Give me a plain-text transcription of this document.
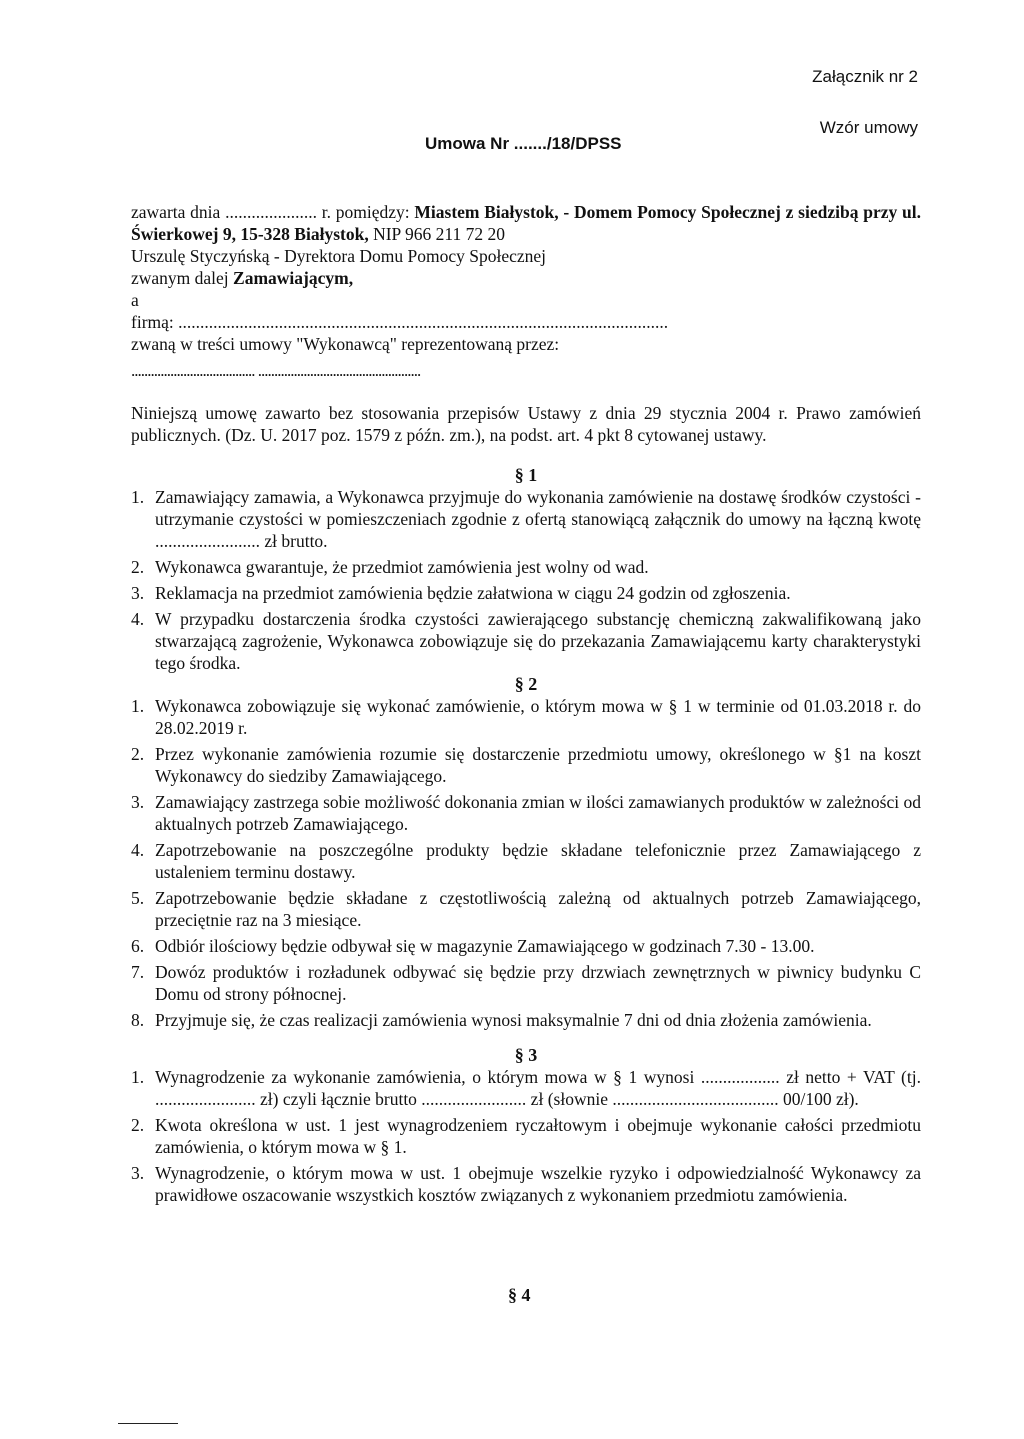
Załącznik nr 2
Wzór umowy
Umowa Nr ......./18/DPSS
zawarta dnia ..................... r. pomiędzy: Miastem Białystok, - Domem Pomocy Społecznej z siedzibą przy ul. Świerkowej 9, 15-328 Białystok, NIP 966 211 72 20
Urszulę Styczyńską - Dyrektora Domu Pomocy Społecznej
zwanym dalej Zamawiającym,
a
firmą: ................................................................................................................
zwaną w treści umowy "Wykonawcą" reprezentowaną przez:
...................................... ..................................................
Niniejszą umowę zawarto bez stosowania przepisów Ustawy z dnia 29 stycznia 2004 r. Prawo zamówień publicznych. (Dz. U. 2017 poz. 1579 z późn. zm.), na podst. art. 4 pkt 8 cytowanej ustawy.

§ 1

1. Zamawiający zamawia, a Wykonawca przyjmuje do wykonania zamówienie na dostawę środków czystości - utrzymanie czystości w pomieszczeniach zgodnie z ofertą stanowiącą załącznik do umowy na łączną kwotę ........................ zł brutto.
2. Wykonawca gwarantuje, że przedmiot zamówienia jest wolny od wad.
3. Reklamacja na przedmiot zamówienia będzie załatwiona w ciągu 24 godzin od zgłoszenia.
4. W przypadku dostarczenia środka czystości zawierającego substancję chemiczną zakwalifikowaną jako stwarzającą zagrożenie, Wykonawca zobowiązuje się do przekazania Zamawiającemu karty charakterystyki tego środka.

§ 2

1. Wykonawca zobowiązuje się wykonać zamówienie, o którym mowa w § 1 w terminie od 01.03.2018 r. do 28.02.2019 r.
2. Przez wykonanie zamówienia rozumie się dostarczenie przedmiotu umowy, określonego w §1 na koszt Wykonawcy do siedziby Zamawiającego.
3. Zamawiający zastrzega sobie możliwość dokonania zmian w ilości zamawianych produktów w zależności od aktualnych potrzeb Zamawiającego.
4. Zapotrzebowanie na poszczególne produkty będzie składane telefonicznie przez Zamawiającego z ustaleniem terminu dostawy.
5. Zapotrzebowanie będzie składane z częstotliwością zależną od aktualnych potrzeb Zamawiającego, przeciętnie raz na 3 miesiące.
6. Odbiór ilościowy będzie odbywał się w magazynie Zamawiającego w godzinach 7.30 - 13.00.
7. Dowóz produktów i rozładunek odbywać się będzie przy drzwiach zewnętrznych w piwnicy budynku C Domu od strony północnej.
8. Przyjmuje się, że czas realizacji zamówienia wynosi maksymalnie 7 dni od dnia złożenia zamówienia.

§ 3

1. Wynagrodzenie za wykonanie zamówienia, o którym mowa w § 1 wynosi .................. zł netto + VAT (tj. ....................... zł) czyli łącznie brutto ........................ zł (słownie ...................................... 00/100 zł).
2. Kwota określona w ust. 1 jest wynagrodzeniem ryczałtowym i obejmuje wykonanie całości przedmiotu zamówienia, o którym mowa w § 1.
3. Wynagrodzenie, o którym mowa w ust. 1 obejmuje wszelkie ryzyko i odpowiedzialność Wykonawcy za prawidłowe oszacowanie wszystkich kosztów związanych z wykonaniem przedmiotu zamówienia.
§ 4
